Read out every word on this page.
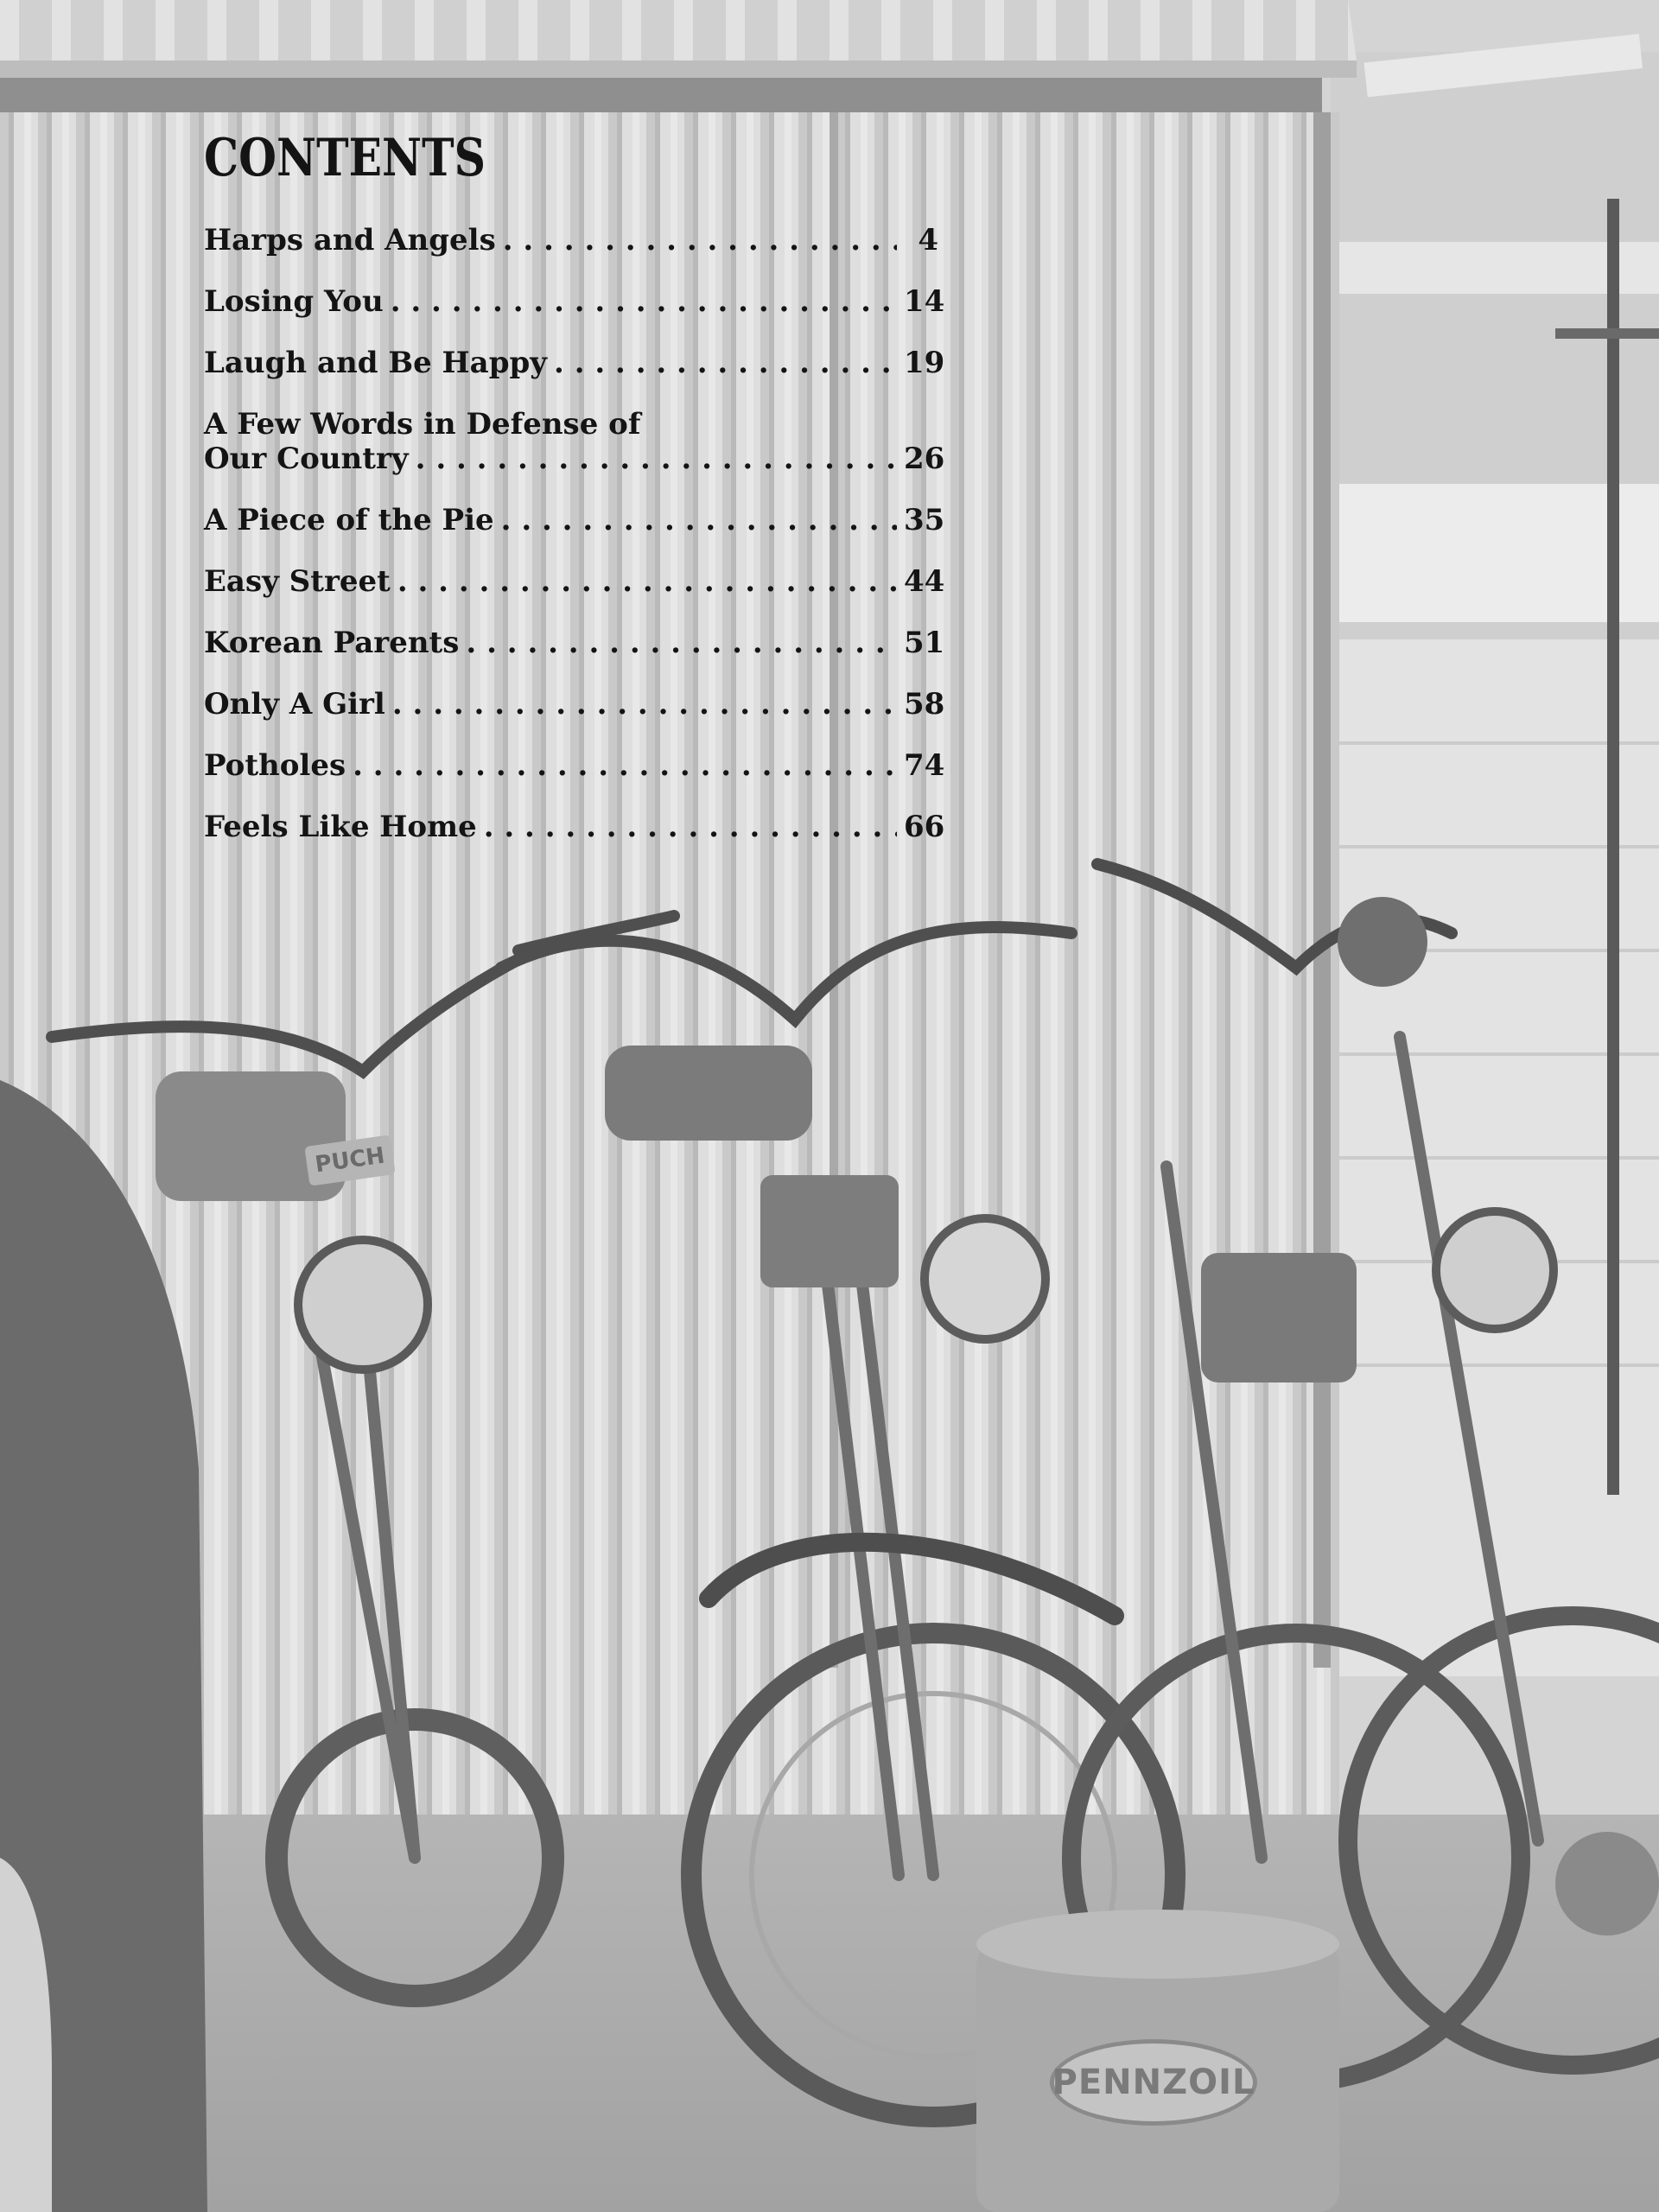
PUCH
PENNZOIL
CONTENTS
Harps and Angels . . .	4
Losing You . . .	14
Laugh and Be Happy . . .	19
A Few Words in Defense of
Our Country . . .	26
A Piece of the Pie . . .	35
Easy Street . . .	44
Korean Parents . . .	51
Only A Girl . . .	58
Potholes . . .	74
Feels Like Home . . .	66
